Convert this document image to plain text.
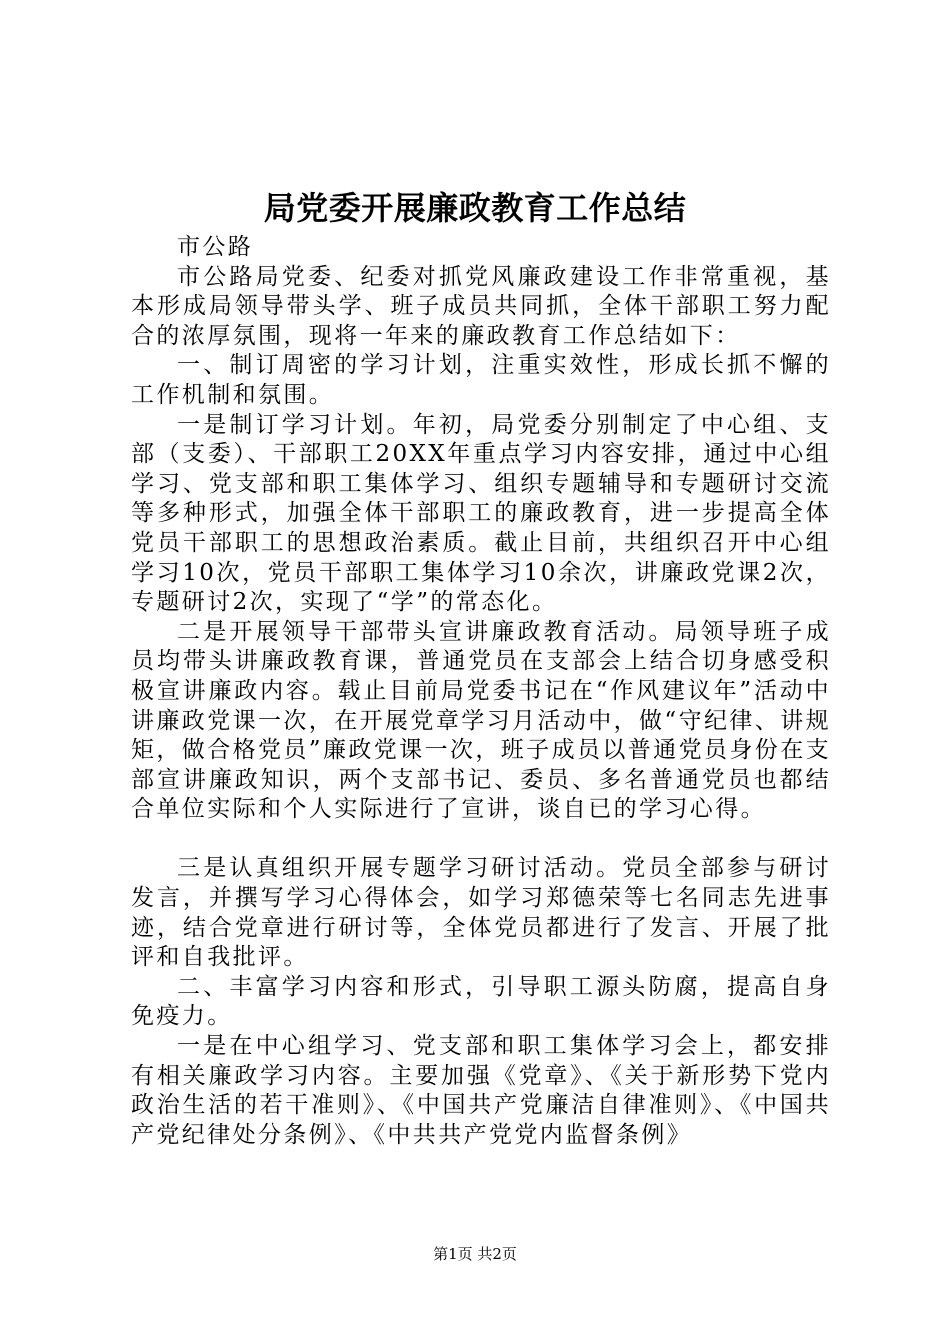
局党委开展廉政教育工作总结

市公路

市公路局党委、纪委对抓党风廉政建设工作非常重视，基本形成局领导带头学、班子成员共同抓，全体干部职工努力配合的浓厚氛围，现将一年来的廉政教育工作总结如下：

一、制订周密的学习计划，注重实效性，形成长抓不懈的工作机制和氛围。

一是制订学习计划。年初，局党委分别制定了中心组、支部（支委）、干部职工20XX年重点学习内容安排，通过中心组学习、党支部和职工集体学习、组织专题辅导和专题研讨交流等多种形式，加强全体干部职工的廉政教育，进一步提高全体党员干部职工的思想政治素质。截止目前，共组织召开中心组学习10次，党员干部职工集体学习10余次，讲廉政党课2次，专题研讨2次，实现了“学”的常态化。

二是开展领导干部带头宣讲廉政教育活动。局领导班子成员均带头讲廉政教育课，普通党员在支部会上结合切身感受积极宣讲廉政内容。载止目前局党委书记在“作风建议年”活动中讲廉政党课一次，在开展党章学习月活动中，做“守纪律、讲规矩，做合格党员”廉政党课一次，班子成员以普通党员身份在支部宣讲廉政知识，两个支部书记、委员、多名普通党员也都结合单位实际和个人实际进行了宣讲，谈自已的学习心得。

三是认真组织开展专题学习研讨活动。党员全部参与研讨发言，并撰写学习心得体会，如学习郑德荣等七名同志先进事迹，结合党章进行研讨等，全体党员都进行了发言、开展了批评和自我批评。

二、丰富学习内容和形式，引导职工源头防腐，提高自身免疫力。

一是在中心组学习、党支部和职工集体学习会上，都安排有相关廉政学习内容。主要加强《党章》、《关于新形势下党内政治生活的若干准则》、《中国共产党廉洁自律准则》、《中国共产党纪律处分条例》、《中共共产党党内监督条例》

第1页 共2页
